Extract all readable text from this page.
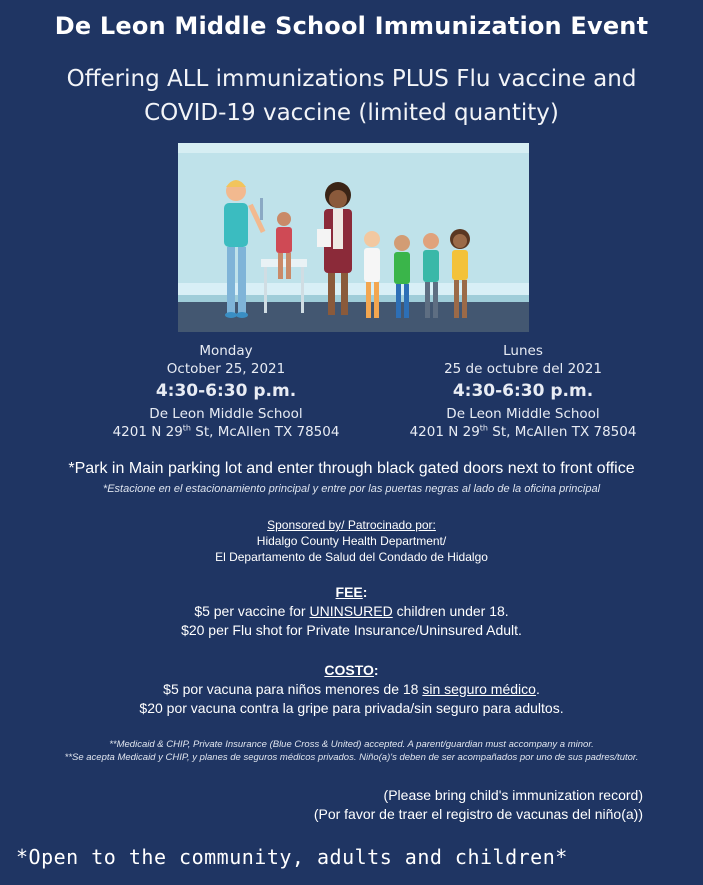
De Leon Middle School Immunization Event
Offering ALL immunizations PLUS Flu vaccine and
COVID-19 vaccine (limited quantity)
Monday
October 25, 2021
4:30-6:30 p.m.
De Leon Middle School
4201 N 29th St, McAllen TX 78504
Lunes
25 de octubre del 2021
4:30-6:30 p.m.
De Leon Middle School
4201 N 29th St, McAllen TX 78504
*Park in Main parking lot and enter through black gated doors next to front office
*Estacione en el estacionamiento principal y entre por las puertas negras al lado de la oficina principal
Sponsored by/ Patrocinado por:
Hidalgo County Health Department/
El Departamento de Salud del Condado de Hidalgo
FEE:
$5 per vaccine for UNINSURED children under 18.
$20 per Flu shot for Private Insurance/Uninsured Adult.
COSTO:
$5 por vacuna para niños menores de 18 sin seguro médico.
$20 por vacuna contra la gripe para privada/sin seguro para adultos.
**Medicaid & CHIP, Private Insurance (Blue Cross & United) accepted. A parent/guardian must accompany a minor.
**Se acepta Medicaid y CHIP, y planes de seguros médicos privados. Niño(a)'s deben de ser acompañados por uno de sus padres/tutor.
(Please bring child's immunization record)
(Por favor de traer el registro de vacunas del niño(a))
*Open to the community, adults and children*
